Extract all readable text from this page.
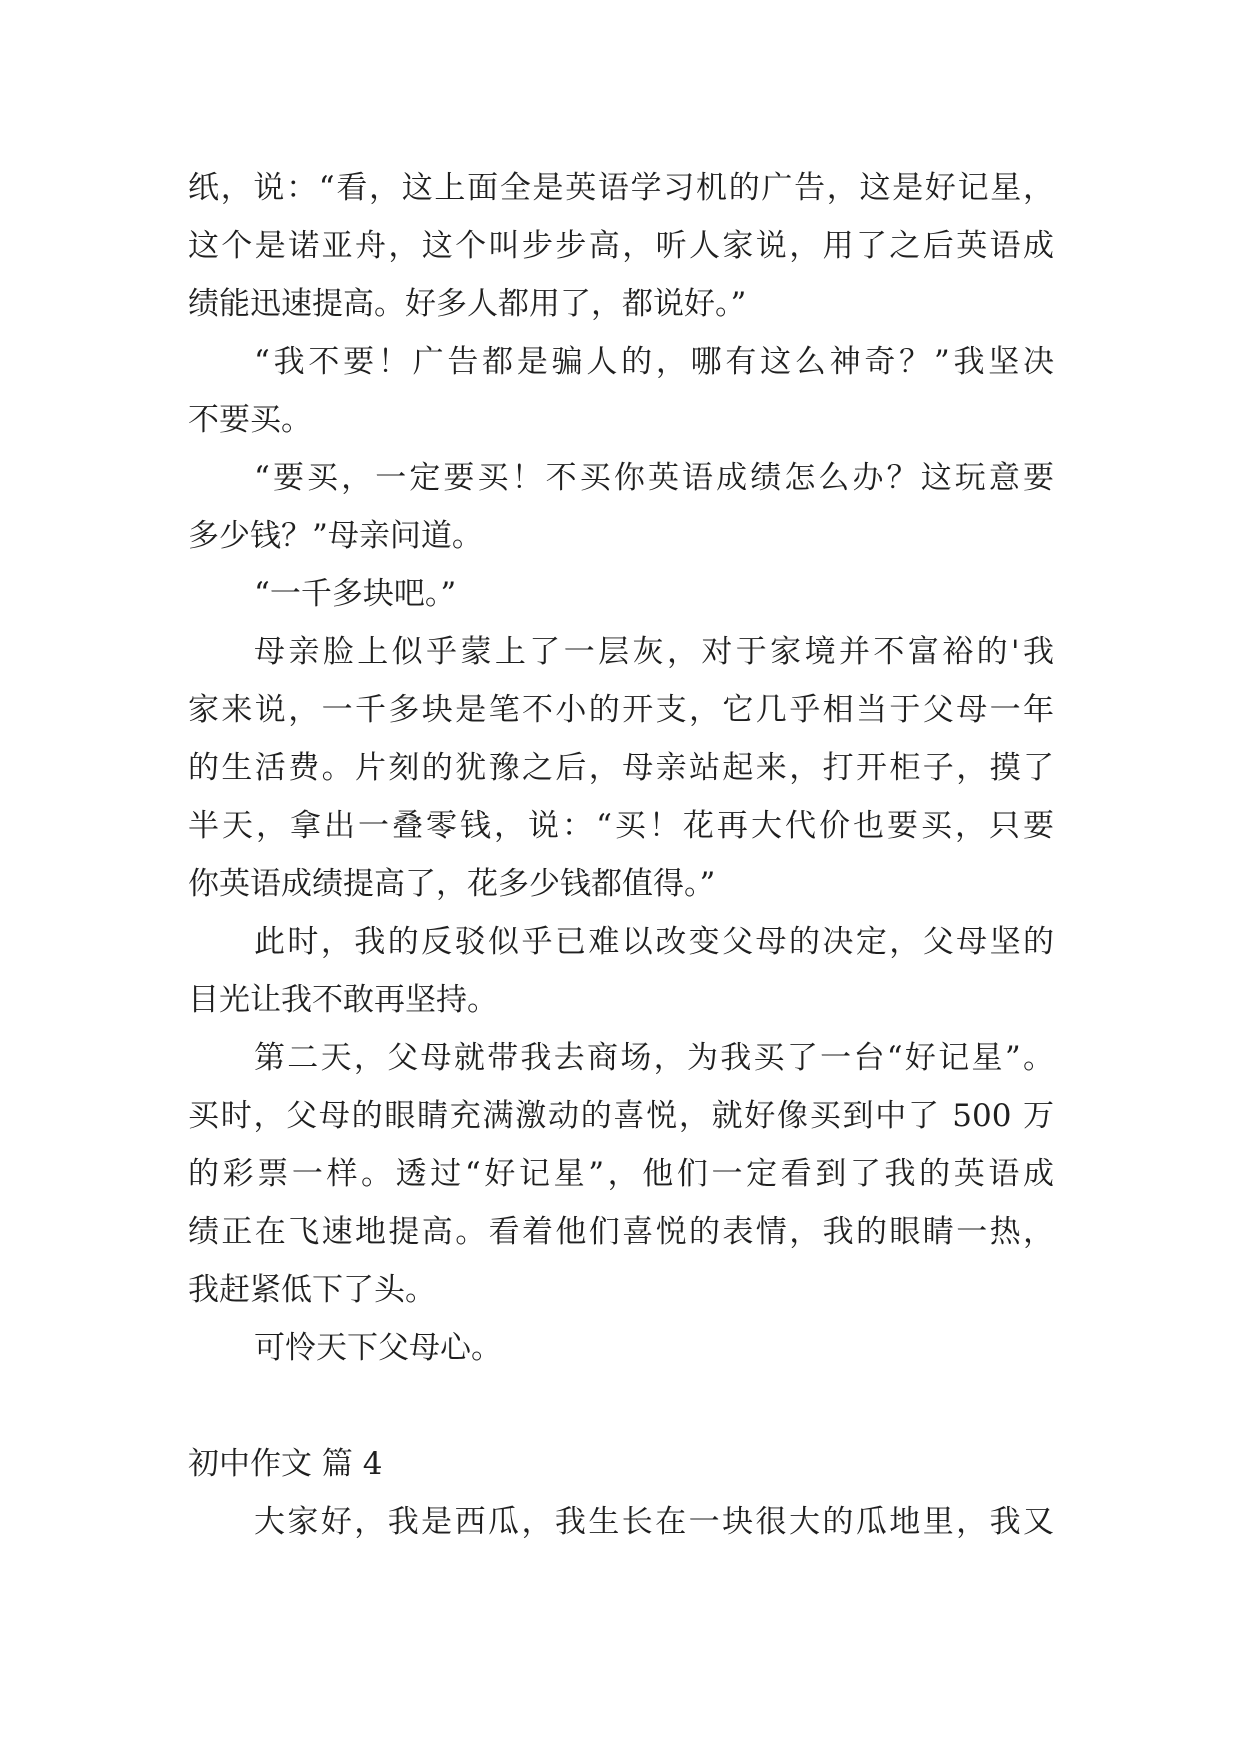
纸，说：“看，这上面全是英语学习机的广告，这是好记星，
这个是诺亚舟，这个叫步步高，听人家说，用了之后英语成
绩能迅速提高。好多人都用了，都说好。”
“我不要！广告都是骗人的，哪有这么神奇？”我坚决
不要买。
“要买，一定要买！不买你英语成绩怎么办？这玩意要
多少钱？”母亲问道。
“一千多块吧。”
母亲脸上似乎蒙上了一层灰，对于家境并不富裕的'我
家来说，一千多块是笔不小的开支，它几乎相当于父母一年
的生活费。片刻的犹豫之后，母亲站起来，打开柜子，摸了
半天，拿出一叠零钱，说：“买！花再大代价也要买，只要
你英语成绩提高了，花多少钱都值得。”
此时，我的反驳似乎已难以改变父母的决定，父母坚的
目光让我不敢再坚持。
第二天，父母就带我去商场，为我买了一台“好记星”。
买时，父母的眼睛充满激动的喜悦，就好像买到中了 500 万
的彩票一样。透过“好记星”，他们一定看到了我的英语成
绩正在飞速地提高。看着他们喜悦的表情，我的眼睛一热，
我赶紧低下了头。
可怜天下父母心。
初中作文 篇 4
大家好，我是西瓜，我生长在一块很大的瓜地里，我又
